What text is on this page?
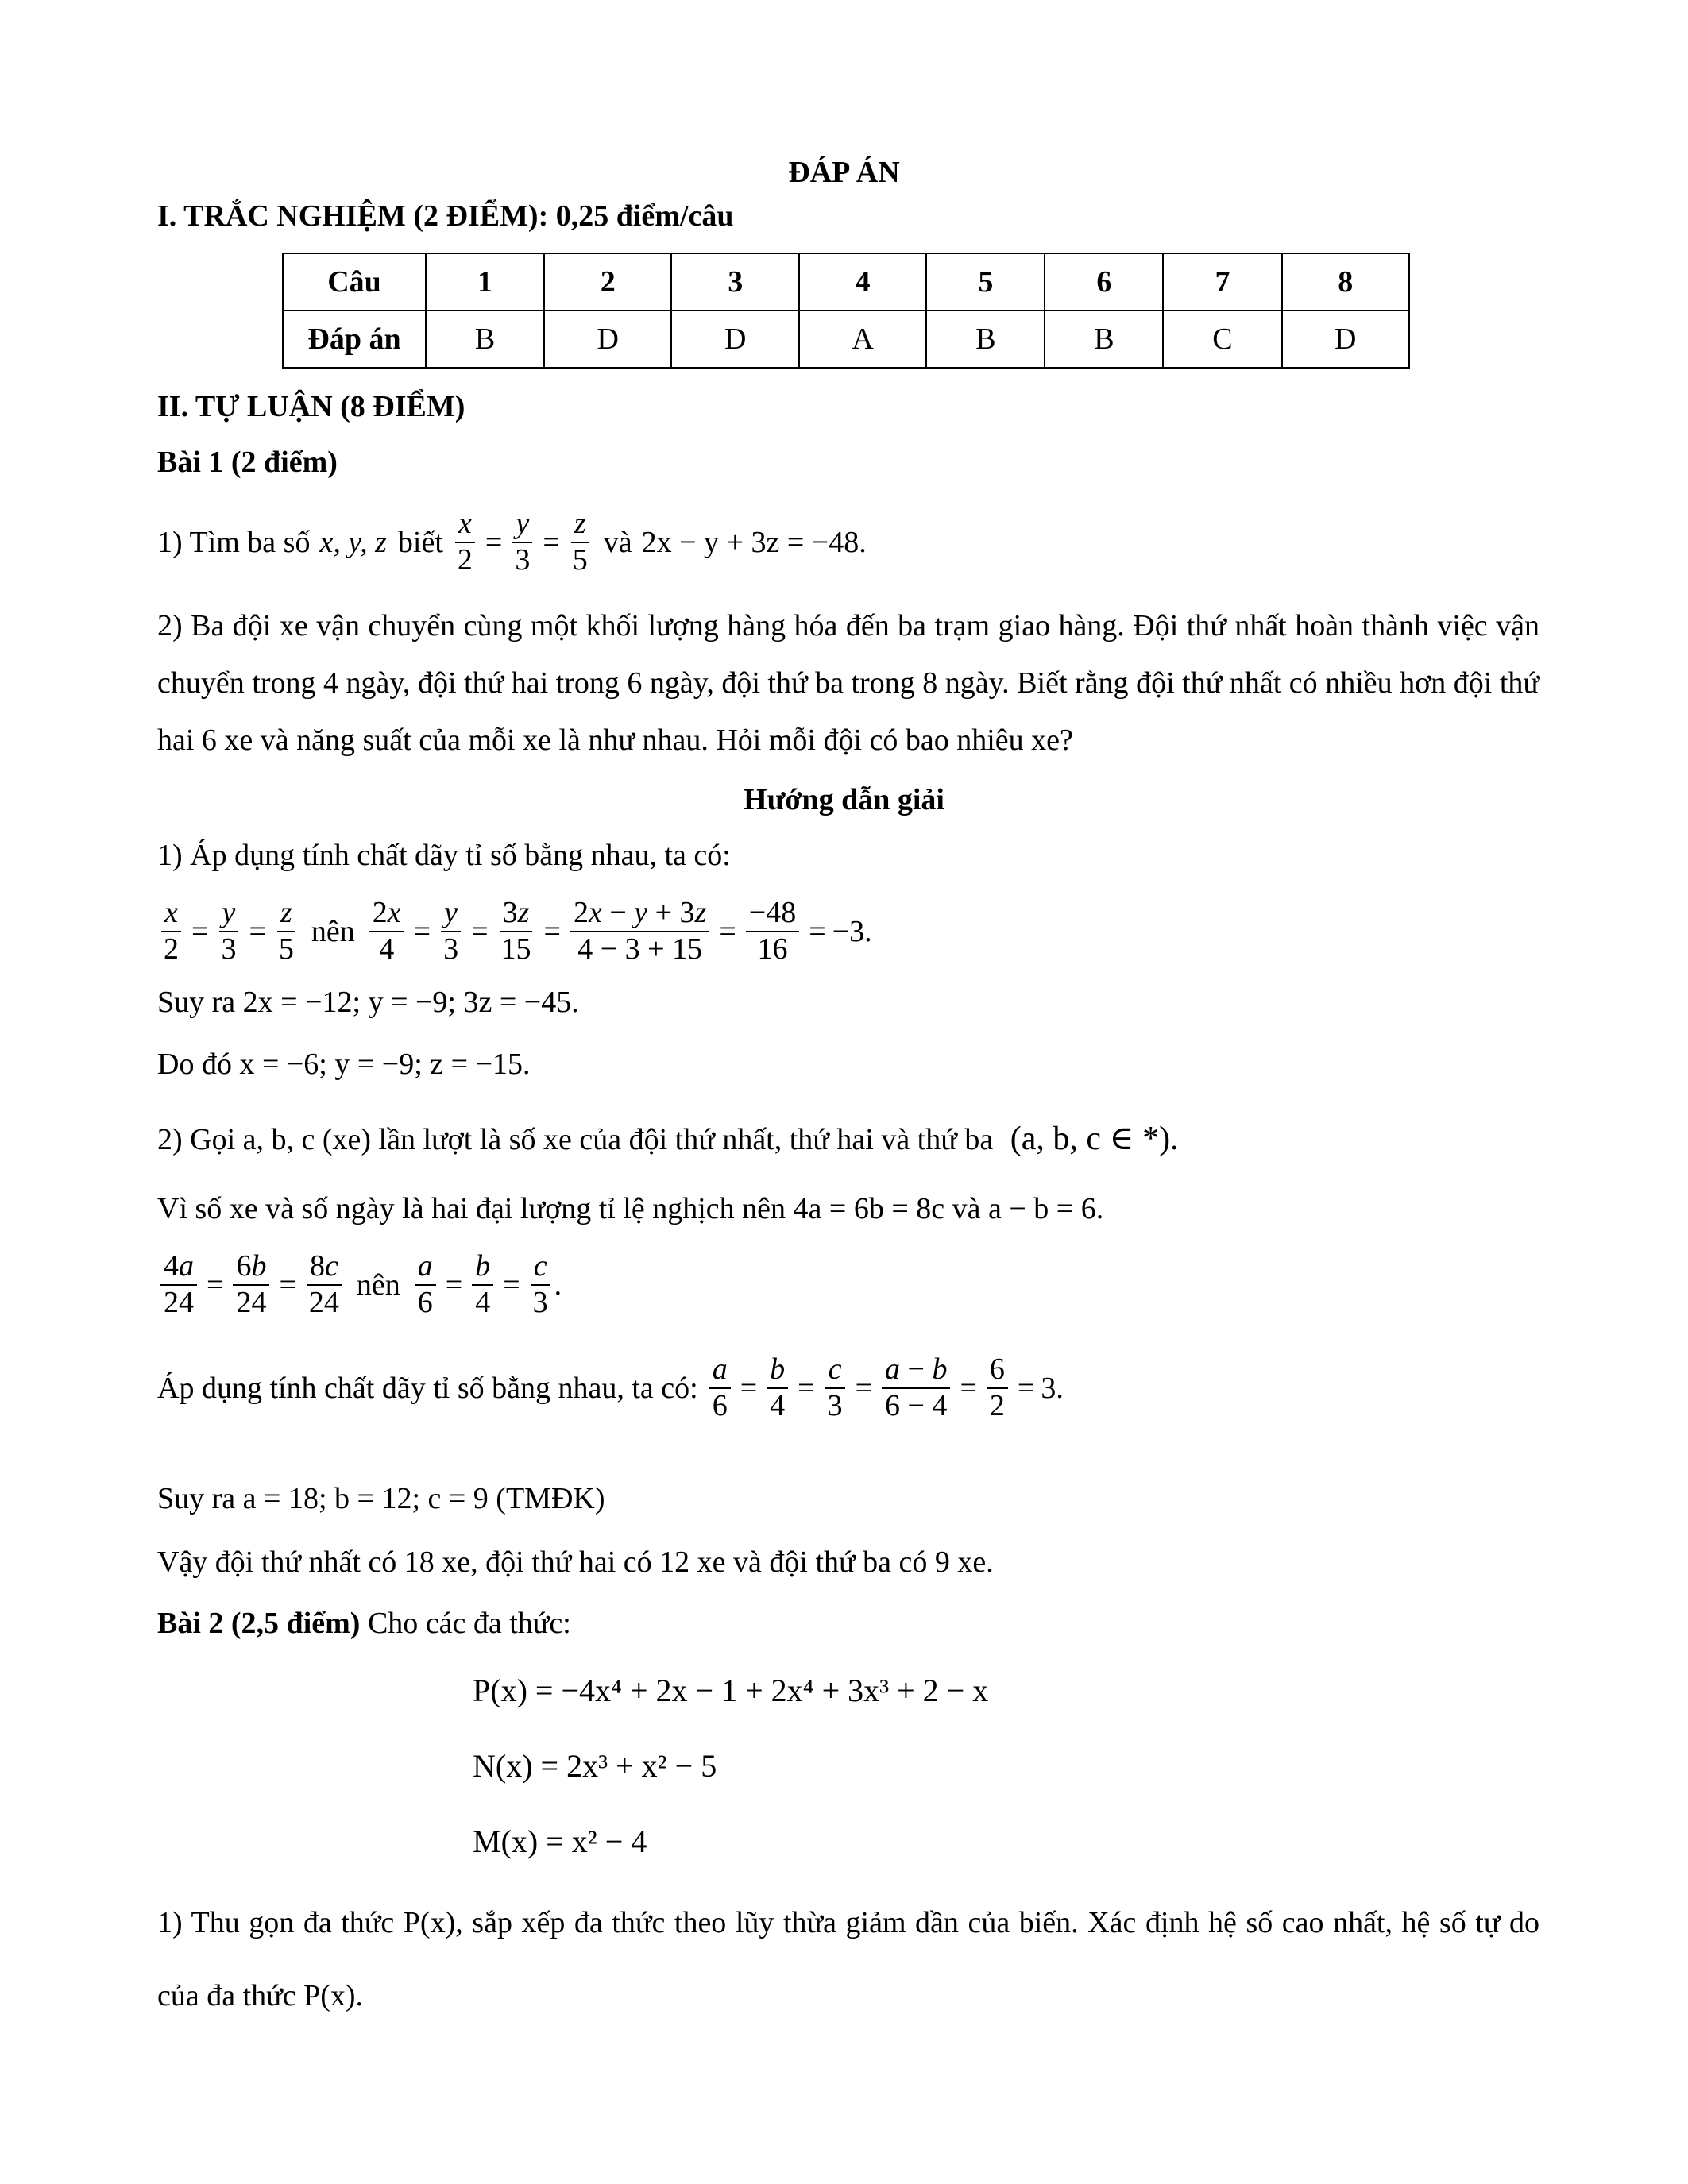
ĐÁP ÁN
I. TRẮC NGHIỆM (2 ĐIỂM): 0,25 điểm/câu
Câu	1	2	3	4	5	6	7	8
Đáp án	B	D	D	A	B	B	C	D
II. TỰ LUẬN (8 ĐIỂM)
Bài 1 (2 điểm)
1) Tìm ba số x, y, z biết $\frac{x}{2} = \frac{y}{3} = \frac{z}{5}$ và 2x − y + 3z = −48.
2) Ba đội xe vận chuyển cùng một khối lượng hàng hóa đến ba trạm giao hàng. Đội thứ nhất hoàn thành việc vận chuyển trong 4 ngày, đội thứ hai trong 6 ngày, đội thứ ba trong 8 ngày. Biết rằng đội thứ nhất có nhiều hơn đội thứ hai 6 xe và năng suất của mỗi xe là như nhau. Hỏi mỗi đội có bao nhiêu xe?
Hướng dẫn giải
1) Áp dụng tính chất dãy tỉ số bằng nhau, ta có:
$\frac{x}{2} = \frac{y}{3} = \frac{z}{5}$ nên $\frac{2x}{4} = \frac{y}{3} = \frac{3z}{15} = \frac{2x - y + 3z}{4 - 3 + 15} = \frac{-48}{16} = -3$.
Suy ra 2x = −12; y = −9; 3z = −45.
Do đó x = −6; y = −9; z = −15.
2) Gọi a, b, c (xe) lần lượt là số xe của đội thứ nhất, thứ hai và thứ ba (a, b, c ∈ *).
Vì số xe và số ngày là hai đại lượng tỉ lệ nghịch nên 4a = 6b = 8c và a − b = 6.
$\frac{4a}{24} = \frac{6b}{24} = \frac{8c}{24}$ nên $\frac{a}{6} = \frac{b}{4} = \frac{c}{3}$ .
Áp dụng tính chất dãy tỉ số bằng nhau, ta có: $\frac{a}{6} = \frac{b}{4} = \frac{c}{3} = \frac{a - b}{6 - 4} = \frac{6}{2} = 3$.
Suy ra a = 18; b = 12; c = 9 (TMĐK)
Vậy đội thứ nhất có 18 xe, đội thứ hai có 12 xe và đội thứ ba có 9 xe.
Bài 2 (2,5 điểm) Cho các đa thức:
P(x) = −4x⁴ + 2x − 1 + 2x⁴ + 3x³ + 2 − x
N(x) = 2x³ + x² − 5
M(x) = x² − 4
1) Thu gọn đa thức P(x), sắp xếp đa thức theo lũy thừa giảm dần của biến. Xác định hệ số cao nhất, hệ số tự do của đa thức P(x).
